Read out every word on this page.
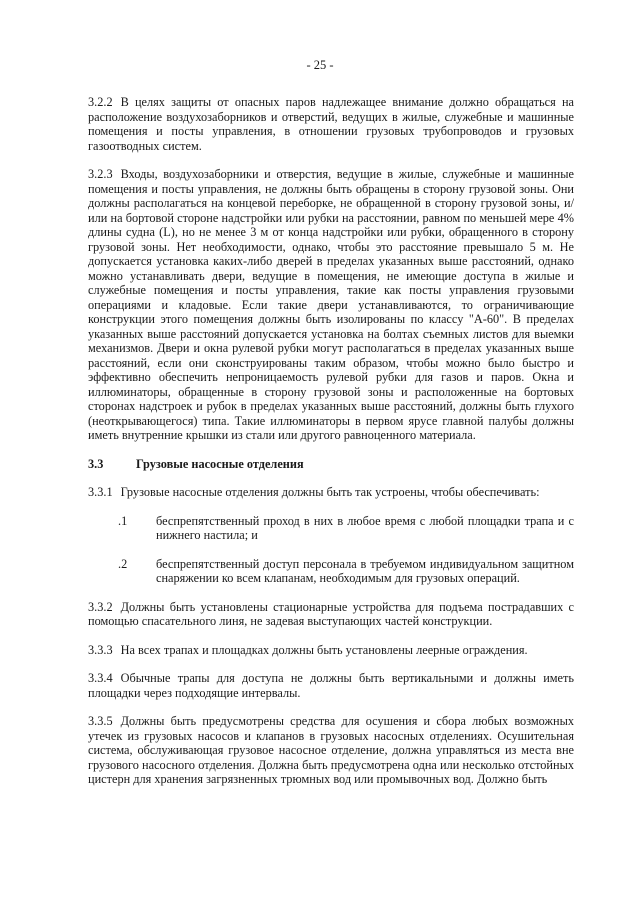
- 25 -

3.2.2 В целях защиты от опасных паров надлежащее внимание должно обращаться на расположение воздухозаборников и отверстий, ведущих в жилые, служебные и машинные помещения и посты управления, в отношении грузовых трубопроводов и грузовых газоотводных систем.

3.2.3 Входы, воздухозаборники и отверстия, ведущие в жилые, служебные и машинные помещения и посты управления, не должны быть обращены в сторону грузовой зоны. Они должны располагаться на концевой переборке, не обращенной в сторону грузовой зоны, и/или на бортовой стороне надстройки или рубки на расстоянии, равном по меньшей мере 4% длины судна (L), но не менее 3 м от конца надстройки или рубки, обращенного в сторону грузовой зоны. Нет необходимости, однако, чтобы это расстояние превышало 5 м. Не допускается установка каких-либо дверей в пределах указанных выше расстояний, однако можно устанавливать двери, ведущие в помещения, не имеющие доступа в жилые и служебные помещения и посты управления, такие как посты управления грузовыми операциями и кладовые. Если такие двери устанавливаются, то ограничивающие конструкции этого помещения должны быть изолированы по классу "А-60". В пределах указанных выше расстояний допускается установка на болтах съемных листов для выемки механизмов. Двери и окна рулевой рубки могут располагаться в пределах указанных выше расстояний, если они сконструированы таким образом, чтобы можно было быстро и эффективно обеспечить непроницаемость рулевой рубки для газов и паров. Окна и иллюминаторы, обращенные в сторону грузовой зоны и расположенные на бортовых сторонах надстроек и рубок в пределах указанных выше расстояний, должны быть глухого (неоткрывающегося) типа. Такие иллюминаторы в первом ярусе главной палубы должны иметь внутренние крышки из стали или другого равноценного материала.

3.3	Грузовые насосные отделения

3.3.1 Грузовые насосные отделения должны быть так устроены, чтобы обеспечивать:

.1	беспрепятственный проход в них в любое время с любой площадки трапа и с нижнего настила; и
.2	беспрепятственный доступ персонала в требуемом индивидуальном защитном снаряжении ко всем клапанам, необходимым для грузовых операций.

3.3.2 Должны быть установлены стационарные устройства для подъема пострадавших с помощью спасательного линя, не задевая выступающих частей конструкции.

3.3.3 На всех трапах и площадках должны быть установлены леерные ограждения.

3.3.4 Обычные трапы для доступа не должны быть вертикальными и должны иметь площадки через подходящие интервалы.

3.3.5 Должны быть предусмотрены средства для осушения и сбора любых возможных утечек из грузовых насосов и клапанов в грузовых насосных отделениях. Осушительная система, обслуживающая грузовое насосное отделение, должна управляться из места вне грузового насосного отделения. Должна быть предусмотрена одна или несколько отстойных цистерн для хранения загрязненных трюмных вод или промывочных вод. Должно быть
